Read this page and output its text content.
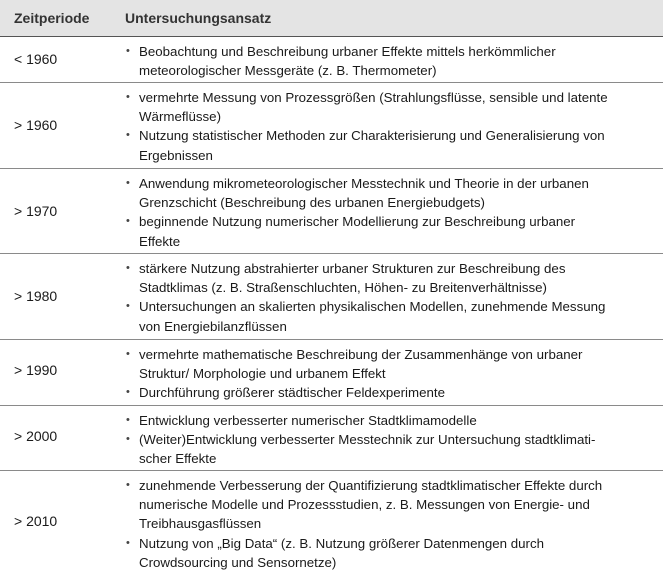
Zeitperiode	Untersuchungsansatz
< 1960
•	Beobachtung und Beschreibung urbaner Effekte mittels herkömmlicher
meteorologischer Messgeräte (z. B. Thermometer)
> 1960
• vermehrte Messung von Prozessgrößen (Strahlungsflüsse, sensible und latente
Wärmeflüsse)
• Nutzung statistischer Methoden zur Charakterisierung und Generalisierung von
Ergebnissen
> 1970
• Anwendung mikrometeorologischer Messtechnik und Theorie in der urbanen
Grenzschicht (Beschreibung des urbanen Energiebudgets)
• beginnende Nutzung numerischer Modellierung zur Beschreibung urbaner
Effekte
> 1980
• stärkere Nutzung abstrahierter urbaner Strukturen zur Beschreibung des
Stadtklimas (z. B. Straßenschluchten, Höhen- zu Breitenverhältnisse)
• Untersuchungen an skalierten physikalischen Modellen, zunehmende Messung
von Energiebilanzflüssen
> 1990
• vermehrte mathematische Beschreibung der Zusammenhänge von urbaner
Struktur/ Morphologie und urbanem Effekt
• Durchführung größerer städtischer Feldexperimente
> 2000
• Entwicklung verbesserter numerischer Stadtklimamodelle
• (Weiter)Entwicklung verbesserter Messtechnik zur Untersuchung stadtklimati-
scher Effekte
> 2010
• zunehmende Verbesserung der Quantifizierung stadtklimatischer Effekte durch
numerische Modelle und Prozessstudien, z. B. Messungen von Energie- und
Treibhausgasflüssen
• Nutzung von „Big Data“ (z. B. Nutzung größerer Datenmengen durch
Crowdsourcing und Sensornetze)
